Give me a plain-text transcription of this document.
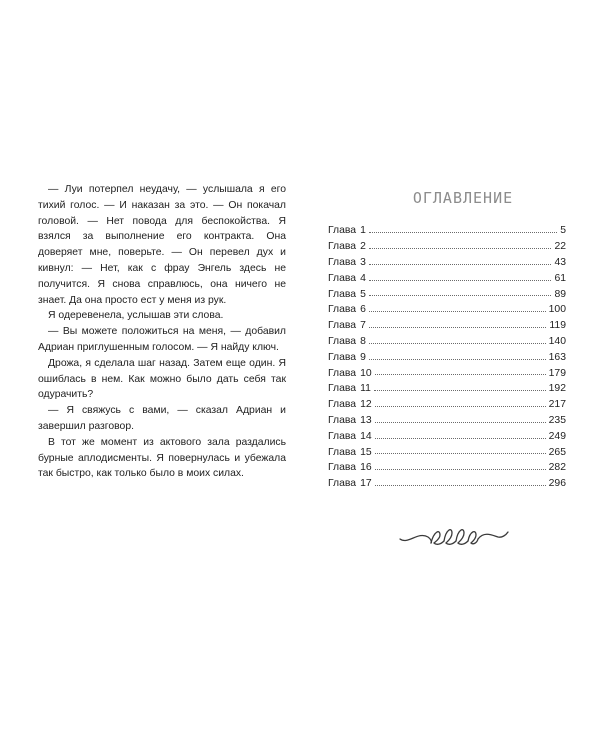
— Луи потерпел неудачу, — услышала я его тихий голос. — И наказан за это. — Он покачал головой. — Нет повода для беспокойства. Я взялся за выполнение его контракта. Она доверяет мне, поверьте. — Он перевел дух и кивнул: — Нет, как с фрау Энгель здесь не получится. Я снова справлюсь, она ничего не знает. Да она просто ест у меня из рук.

Я одеревенела, услышав эти слова.

— Вы можете положиться на меня, — добавил Адриан приглушенным голосом. — Я найду ключ.

Дрожа, я сделала шаг назад. Затем еще один. Я ошиблась в нем. Как можно было дать себя так одурачить?

— Я свяжусь с вами, — сказал Адриан и завершил разговор.

В тот же момент из актового зала раздались бурные аплодисменты. Я повернулась и убежала так быстро, как только было в моих силах.

ОГЛАВЛЕНИЕ
Глава 1	5
Глава 2	22
Глава 3	43
Глава 4	61
Глава 5	89
Глава 6	100
Глава 7	119
Глава 8	140
Глава 9	163
Глава 10	179
Глава 11	192
Глава 12	217
Глава 13	235
Глава 14	249
Глава 15	265
Глава 16	282
Глава 17	296
